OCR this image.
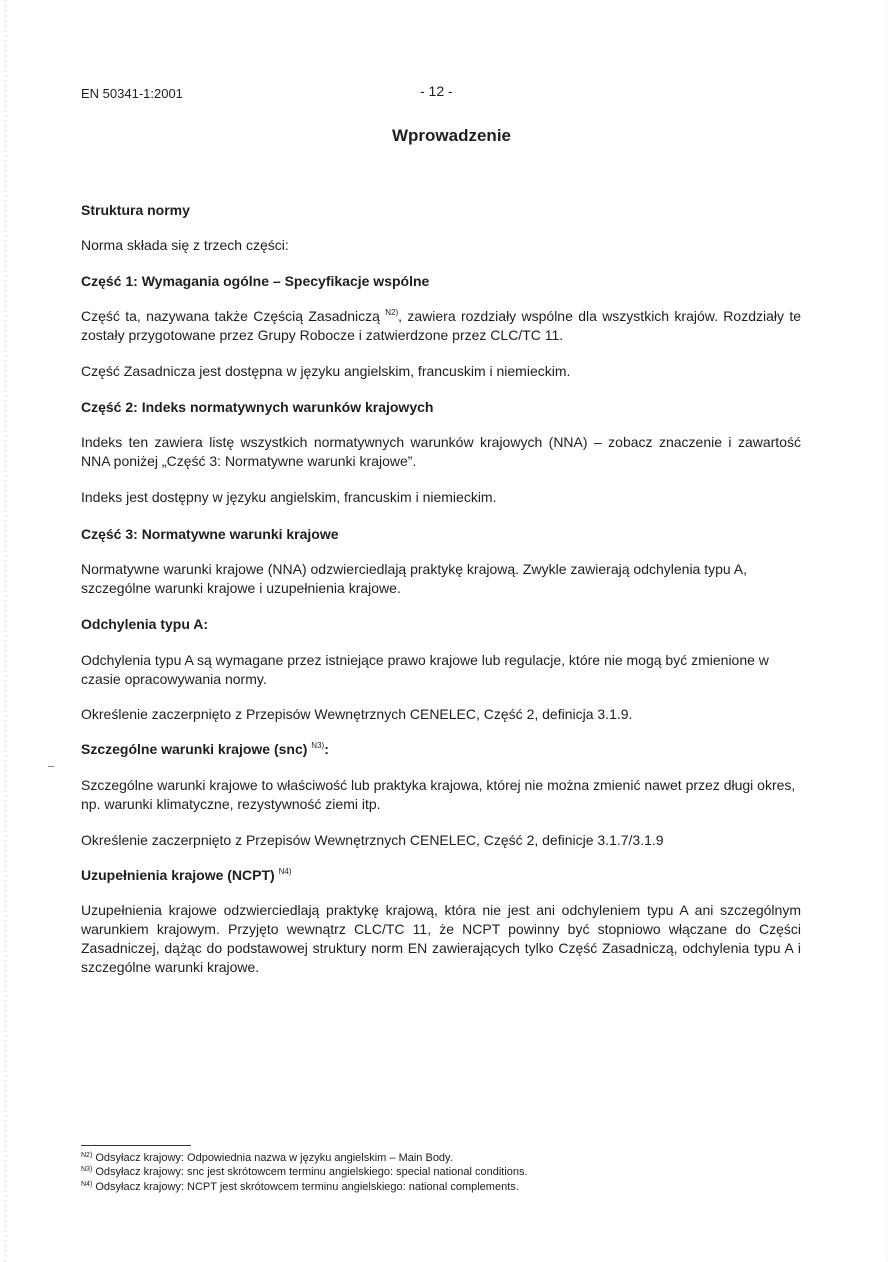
EN 50341-1:2001	- 12 -
Wprowadzenie
Struktura normy
Norma składa się z trzech części:
Część 1: Wymagania ogólne – Specyfikacje wspólne
Część ta, nazywana także Częścią Zasadniczą $^{N2)}$, zawiera rozdziały wspólne dla wszystkich krajów. Rozdziały te zostały przygotowane przez Grupy Robocze i zatwierdzone przez CLC/TC 11.
Część Zasadnicza jest dostępna w języku angielskim, francuskim i niemieckim.
Część 2: Indeks normatywnych warunków krajowych
Indeks ten zawiera listę wszystkich normatywnych warunków krajowych (NNA) – zobacz znaczenie i zawartość NNA poniżej „Część 3: Normatywne warunki krajowe”.
Indeks jest dostępny w języku angielskim, francuskim i niemieckim.
Część 3: Normatywne warunki krajowe
Normatywne warunki krajowe (NNA) odzwierciedlają praktykę krajową. Zwykle zawierają odchylenia typu A, szczególne warunki krajowe i uzupełnienia krajowe.
Odchylenia typu A:
Odchylenia typu A są wymagane przez istniejące prawo krajowe lub regulacje, które nie mogą być zmienione w czasie opracowywania normy.
Określenie zaczerpnięto z Przepisów Wewnętrznych CENELEC, Część 2, definicja 3.1.9.
Szczególne warunki krajowe (snc) $^{N3)}$:
Szczególne warunki krajowe to właściwość lub praktyka krajowa, której nie można zmienić nawet przez długi okres, np. warunki klimatyczne, rezystywność ziemi itp.
Określenie zaczerpnięto z Przepisów Wewnętrznych CENELEC, Część 2, definicje 3.1.7/3.1.9
Uzupełnienia krajowe (NCPT) $^{N4)}$
Uzupełnienia krajowe odzwierciedlają praktykę krajową, która nie jest ani odchyleniem typu A ani szczególnym warunkiem krajowym. Przyjęto wewnątrz CLC/TC 11, że NCPT powinny być stopniowo włączane do Części Zasadniczej, dążąc do podstawowej struktury norm EN zawierających tylko Część Zasadniczą, odchylenia typu A i szczególne warunki krajowe.
$^{N2)}$ Odsyłacz krajowy: Odpowiednia nazwa w języku angielskim – Main Body.
$^{N3)}$ Odsyłacz krajowy: snc jest skrótowcem terminu angielskiego: special national conditions.
$^{N4)}$ Odsyłacz krajowy: NCPT jest skrótowcem terminu angielskiego: national complements.
